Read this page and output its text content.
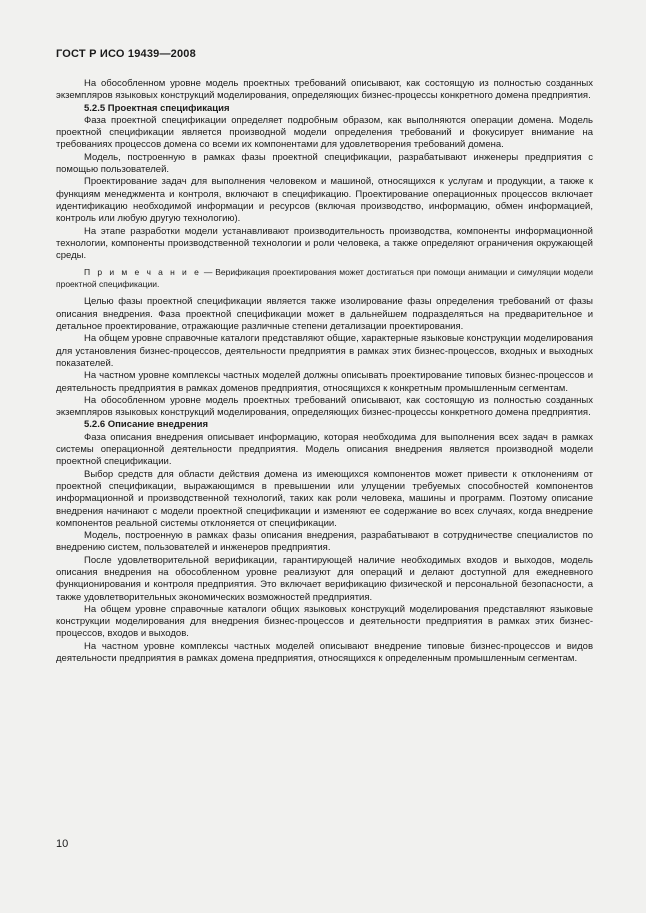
ГОСТ Р ИСО 19439—2008

На обособленном уровне модель проектных требований описывают, как состоящую из полностью созданных экземпляров языковых конструкций моделирования, определяющих бизнес-процессы конкретного домена предприятия.

5.2.5 Проектная спецификация

Фаза проектной спецификации определяет подробным образом, как выполняются операции домена. Модель проектной спецификации является производной модели определения требований и фокусирует внимание на требованиях процессов домена со всеми их компонентами для удовлетворения требований домена.

Модель, построенную в рамках фазы проектной спецификации, разрабатывают инженеры предприятия с помощью пользователей.

Проектирование задач для выполнения человеком и машиной, относящихся к услугам и продукции, а также к функциям менеджмента и контроля, включают в спецификацию. Проектирование операционных процессов включает идентификацию необходимой информации и ресурсов (включая производство, информацию, обмен информацией, контроль или любую другую технологию).

На этапе разработки модели устанавливают производительность производства, компоненты информационной технологии, компоненты производственной технологии и роли человека, а также определяют ограничения окружающей среды.

П р и м е ч а н и е — Верификация проектирования может достигаться при помощи анимации и симуляции модели проектной спецификации.

Целью фазы проектной спецификации является также изолирование фазы определения требований от фазы описания внедрения. Фаза проектной спецификации может в дальнейшем подразделяться на предварительное и детальное проектирование, отражающие различные степени детализации проектирования.

На общем уровне справочные каталоги представляют общие, характерные языковые конструкции моделирования для установления бизнес-процессов, деятельности предприятия в рамках этих бизнес-процессов, входных и выходных показателей.

На частном уровне комплексы частных моделей должны описывать проектирование типовых бизнес-процессов и деятельность предприятия в рамках доменов предприятия, относящихся к конкретным промышленным сегментам.

На обособленном уровне модель проектных требований описывают, как состоящую из полностью созданных экземпляров языковых конструкций моделирования, определяющих бизнес-процессы конкретного домена предприятия.

5.2.6 Описание внедрения

Фаза описания внедрения описывает информацию, которая необходима для выполнения всех задач в рамках системы операционной деятельности предприятия. Модель описания внедрения является производной модели проектной спецификации.

Выбор средств для области действия домена из имеющихся компонентов может привести к отклонениям от проектной спецификации, выражающимся в превышении или улущении требуемых способностей компонентов информационной и производственной технологий, таких как роли человека, машины и программ. Поэтому описание внедрения начинают с модели проектной спецификации и изменяют ее содержание во всех случаях, когда внедрение компонентов реальной системы отклоняется от спецификации.

Модель, построенную в рамках фазы описания внедрения, разрабатывают в сотрудничестве специалистов по внедрению систем, пользователей и инженеров предприятия.

После удовлетворительной верификации, гарантирующей наличие необходимых входов и выходов, модель описания внедрения на обособленном уровне реализуют для операций и делают доступной для ежедневного функционирования и контроля предприятия. Это включает верификацию физической и персональной безопасности, а также удовлетворительных экономических возможностей предприятия.

На общем уровне справочные каталоги общих языковых конструкций моделирования представляют языковые конструкции моделирования для внедрения бизнес-процессов и деятельности предприятия в рамках этих бизнес-процессов, входов и выходов.

На частном уровне комплексы частных моделей описывают внедрение типовые бизнес-процессов и видов деятельности предприятия в рамках домена предприятия, относящихся к определенным промышленным сегментам.

10
